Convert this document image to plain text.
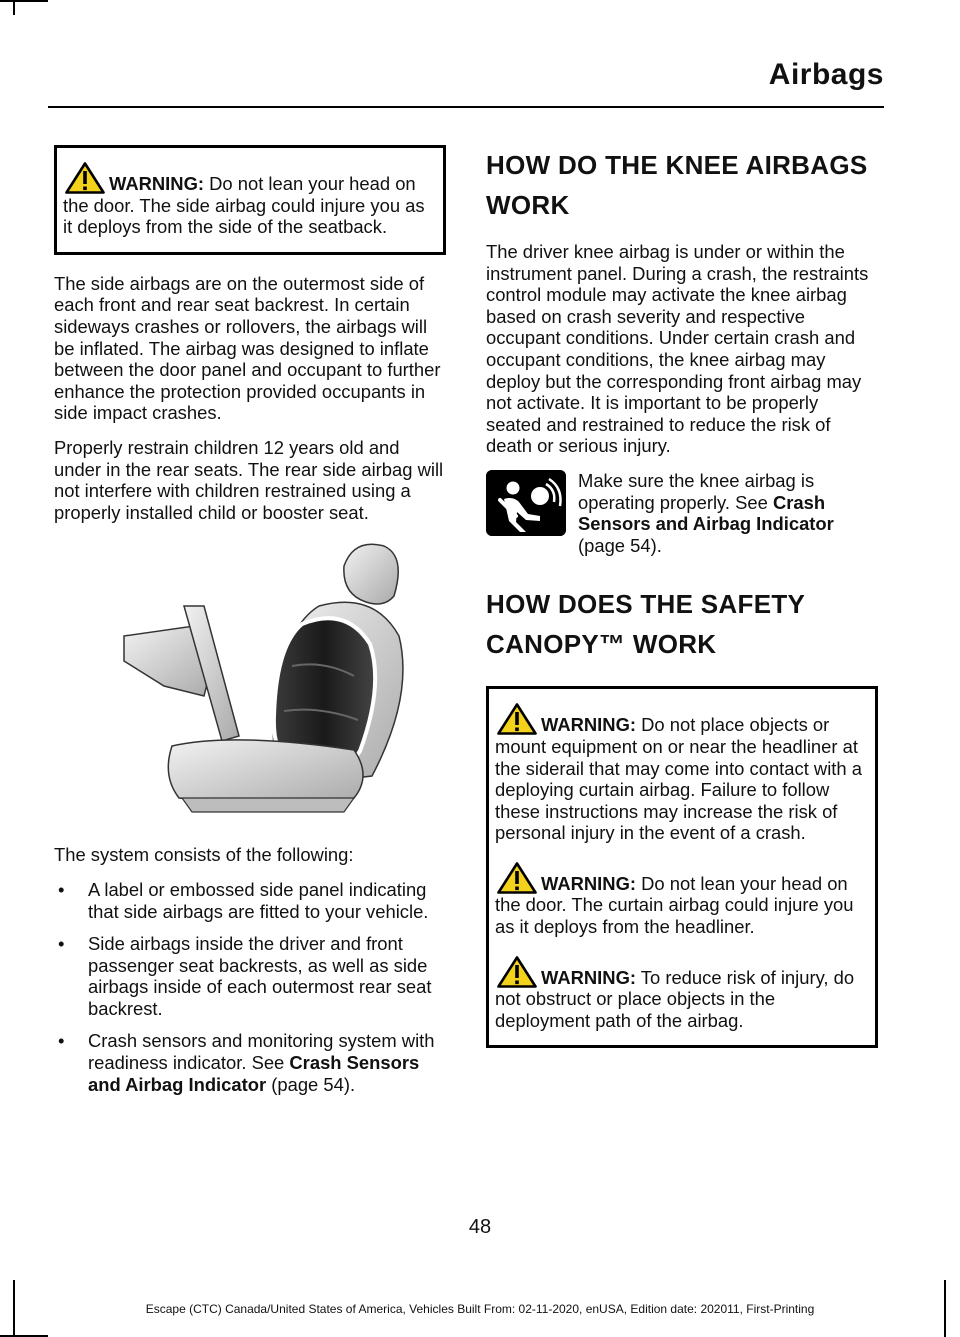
Airbags

WARNING: Do not lean your head on the door. The side airbag could injure you as it deploys from the side of the seatback.

The side airbags are on the outermost side of each front and rear seat backrest. In certain sideways crashes or rollovers, the airbags will be inflated. The airbag was designed to inflate between the door panel and occupant to further enhance the protection provided occupants in side impact crashes.

Properly restrain children 12 years old and under in the rear seats. The rear side airbag will not interfere with children restrained using a properly installed child or booster seat.

The system consists of the following:

• A label or embossed side panel indicating that side airbags are fitted to your vehicle.
• Side airbags inside the driver and front passenger seat backrests, as well as side airbags inside of each outermost rear seat backrest.
• Crash sensors and monitoring system with readiness indicator. See Crash Sensors and Airbag Indicator (page 54).
HOW DO THE KNEE AIRBAGS WORK

The driver knee airbag is under or within the instrument panel. During a crash, the restraints control module may activate the knee airbag based on crash severity and respective occupant conditions. Under certain crash and occupant conditions, the knee airbag may deploy but the corresponding front airbag may not activate. It is important to be properly seated and restrained to reduce the risk of death or serious injury.

Make sure the knee airbag is operating properly. See Crash Sensors and Airbag Indicator (page 54).

HOW DOES THE SAFETY CANOPY™ WORK

WARNING: Do not place objects or mount equipment on or near the headliner at the siderail that may come into contact with a deploying curtain airbag. Failure to follow these instructions may increase the risk of personal injury in the event of a crash.

WARNING: Do not lean your head on the door. The curtain airbag could injure you as it deploys from the headliner.

WARNING: To reduce risk of injury, do not obstruct or place objects in the deployment path of the airbag.

48
Escape (CTC) Canada/United States of America, Vehicles Built From: 02-11-2020, enUSA, Edition date: 202011, First-Printing
